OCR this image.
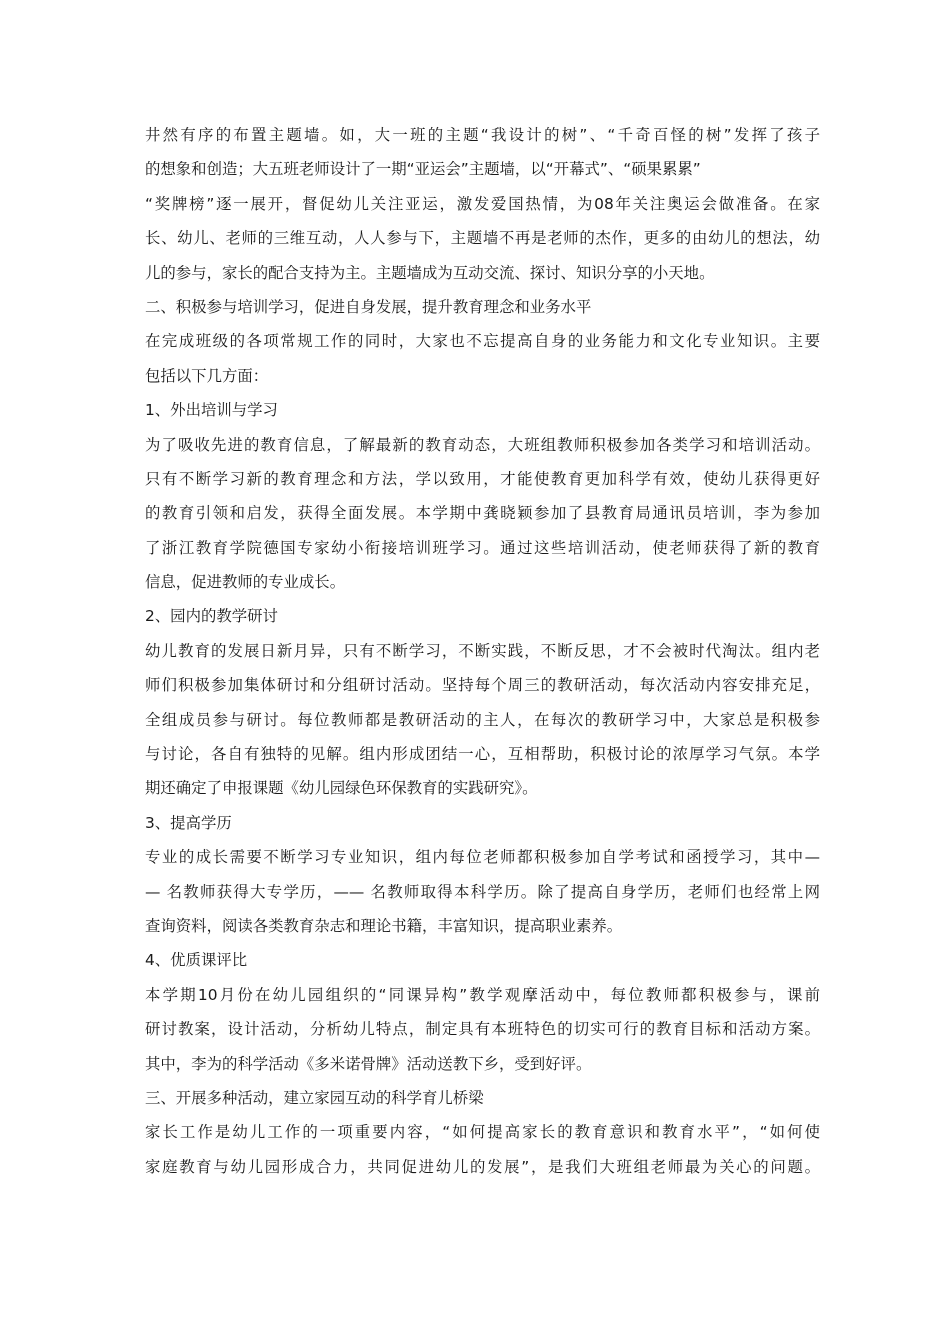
井然有序的布置主题墙。如，大一班的主题“我设计的树”、“千奇百怪的树”发挥了孩子
的想象和创造；大五班老师设计了一期“亚运会”主题墙，以“开幕式”、“硕果累累”
“奖牌榜”逐一展开，督促幼儿关注亚运，激发爱国热情，为08年关注奥运会做准备。在家
长、幼儿、老师的三维互动，人人参与下，主题墙不再是老师的杰作，更多的由幼儿的想法，幼
儿的参与，家长的配合支持为主。主题墙成为互动交流、探讨、知识分享的小天地。
二、积极参与培训学习，促进自身发展，提升教育理念和业务水平
在完成班级的各项常规工作的同时，大家也不忘提高自身的业务能力和文化专业知识。主要
包括以下几方面：
1、外出培训与学习
为了吸收先进的教育信息，了解最新的教育动态，大班组教师积极参加各类学习和培训活动。
只有不断学习新的教育理念和方法，学以致用，才能使教育更加科学有效，使幼儿获得更好
的教育引领和启发，获得全面发展。本学期中龚晓颖参加了县教育局通讯员培训，李为参加
了浙江教育学院德国专家幼小衔接培训班学习。通过这些培训活动，使老师获得了新的教育
信息，促进教师的专业成长。
2、园内的教学研讨
幼儿教育的发展日新月异，只有不断学习，不断实践，不断反思，才不会被时代淘汰。组内老
师们积极参加集体研讨和分组研讨活动。坚持每个周三的教研活动，每次活动内容安排充足，
全组成员参与研讨。每位教师都是教研活动的主人，在每次的教研学习中，大家总是积极参
与讨论，各自有独特的见解。组内形成团结一心，互相帮助，积极讨论的浓厚学习气氛。本学
期还确定了申报课题《幼儿园绿色环保教育的实践研究》。
3、提高学历
专业的成长需要不断学习专业知识，组内每位老师都积极参加自学考试和函授学习，其中—
— 名教师获得大专学历，—— 名教师取得本科学历。除了提高自身学历，老师们也经常上网
查询资料，阅读各类教育杂志和理论书籍，丰富知识，提高职业素养。
4、优质课评比
本学期10月份在幼儿园组织的“同课异构”教学观摩活动中，每位教师都积极参与，课前
研讨教案，设计活动，分析幼儿特点，制定具有本班特色的切实可行的教育目标和活动方案。
其中，李为的科学活动《多米诺骨牌》活动送教下乡，受到好评。
三、开展多种活动，建立家园互动的科学育儿桥梁
家长工作是幼儿工作的一项重要内容，“如何提高家长的教育意识和教育水平”，“如何使
家庭教育与幼儿园形成合力，共同促进幼儿的发展”，是我们大班组老师最为关心的问题。
